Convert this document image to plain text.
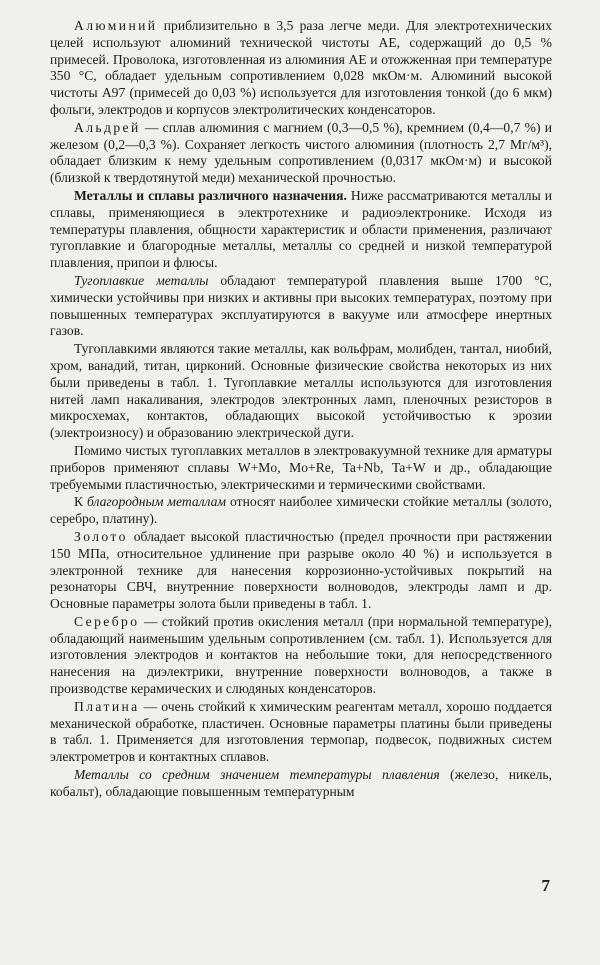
Алюминий приблизительно в 3,5 раза легче меди. Для электротехнических целей используют алюминий технической чистоты АЕ, содержащий до 0,5 % примесей. Проволока, изготовленная из алюминия АЕ и отожженная при температуре 350 °С, обладает удельным сопротивлением 0,028 мкОм·м. Алюминий высокой чистоты А97 (примесей до 0,03 %) используется для изготовления тонкой (до 6 мкм) фольги, электродов и корпусов электролитических конденсаторов.

Альдрей — сплав алюминия с магнием (0,3—0,5 %), кремнием (0,4—0,7 %) и железом (0,2—0,3 %). Сохраняет легкость чистого алюминия (плотность 2,7 Мг/м³), обладает близким к нему удельным сопротивлением (0,0317 мкОм·м) и высокой (близкой к твердотянутой меди) механической прочностью.

Металлы и сплавы различного назначения. Ниже рассматриваются металлы и сплавы, применяющиеся в электротехнике и радиоэлектронике. Исходя из температуры плавления, общности характеристик и области применения, различают тугоплавкие и благородные металлы, металлы со средней и низкой температурой плавления, припои и флюсы.

Тугоплавкие металлы обладают температурой плавления выше 1700 °С, химически устойчивы при низких и активны при высоких температурах, поэтому при повышенных температурах эксплуатируются в вакууме или атмосфере инертных газов.

Тугоплавкими являются такие металлы, как вольфрам, молибден, тантал, ниобий, хром, ванадий, титан, цирконий. Основные физические свойства некоторых из них были приведены в табл. 1. Тугоплавкие металлы используются для изготовления нитей ламп накаливания, электродов электронных ламп, пленочных резисторов в микросхемах, контактов, обладающих высокой устойчивостью к эрозии (электроизносу) и образованию электрической дуги.

Помимо чистых тугоплавких металлов в электровакуумной технике для арматуры приборов применяют сплавы W+Mo, Mo+Re, Ta+Nb, Ta+W и др., обладающие требуемыми пластичностью, электрическими и термическими свойствами.

К благородным металлам относят наиболее химически стойкие металлы (золото, серебро, платину).

Золото обладает высокой пластичностью (предел прочности при растяжении 150 МПа, относительное удлинение при разрыве около 40 %) и используется в электронной технике для нанесения коррозионно-устойчивых покрытий на резонаторы СВЧ, внутренние поверхности волноводов, электроды ламп и др. Основные параметры золота были приведены в табл. 1.

Серебро — стойкий против окисления металл (при нормальной температуре), обладающий наименьшим удельным сопротивлением (см. табл. 1). Используется для изготовления электродов и контактов на небольшие токи, для непосредственного нанесения на диэлектрики, внутренние поверхности волноводов, а также в производстве керамических и слюдяных конденсаторов.

Платина — очень стойкий к химическим реагентам металл, хорошо поддается механической обработке, пластичен. Основные параметры платины были приведены в табл. 1. Применяется для изготовления термопар, подвесок, подвижных систем электрометров и контактных сплавов.

Металлы со средним значением температуры плавления (железо, никель, кобальт), обладающие повышенным температурным

7
